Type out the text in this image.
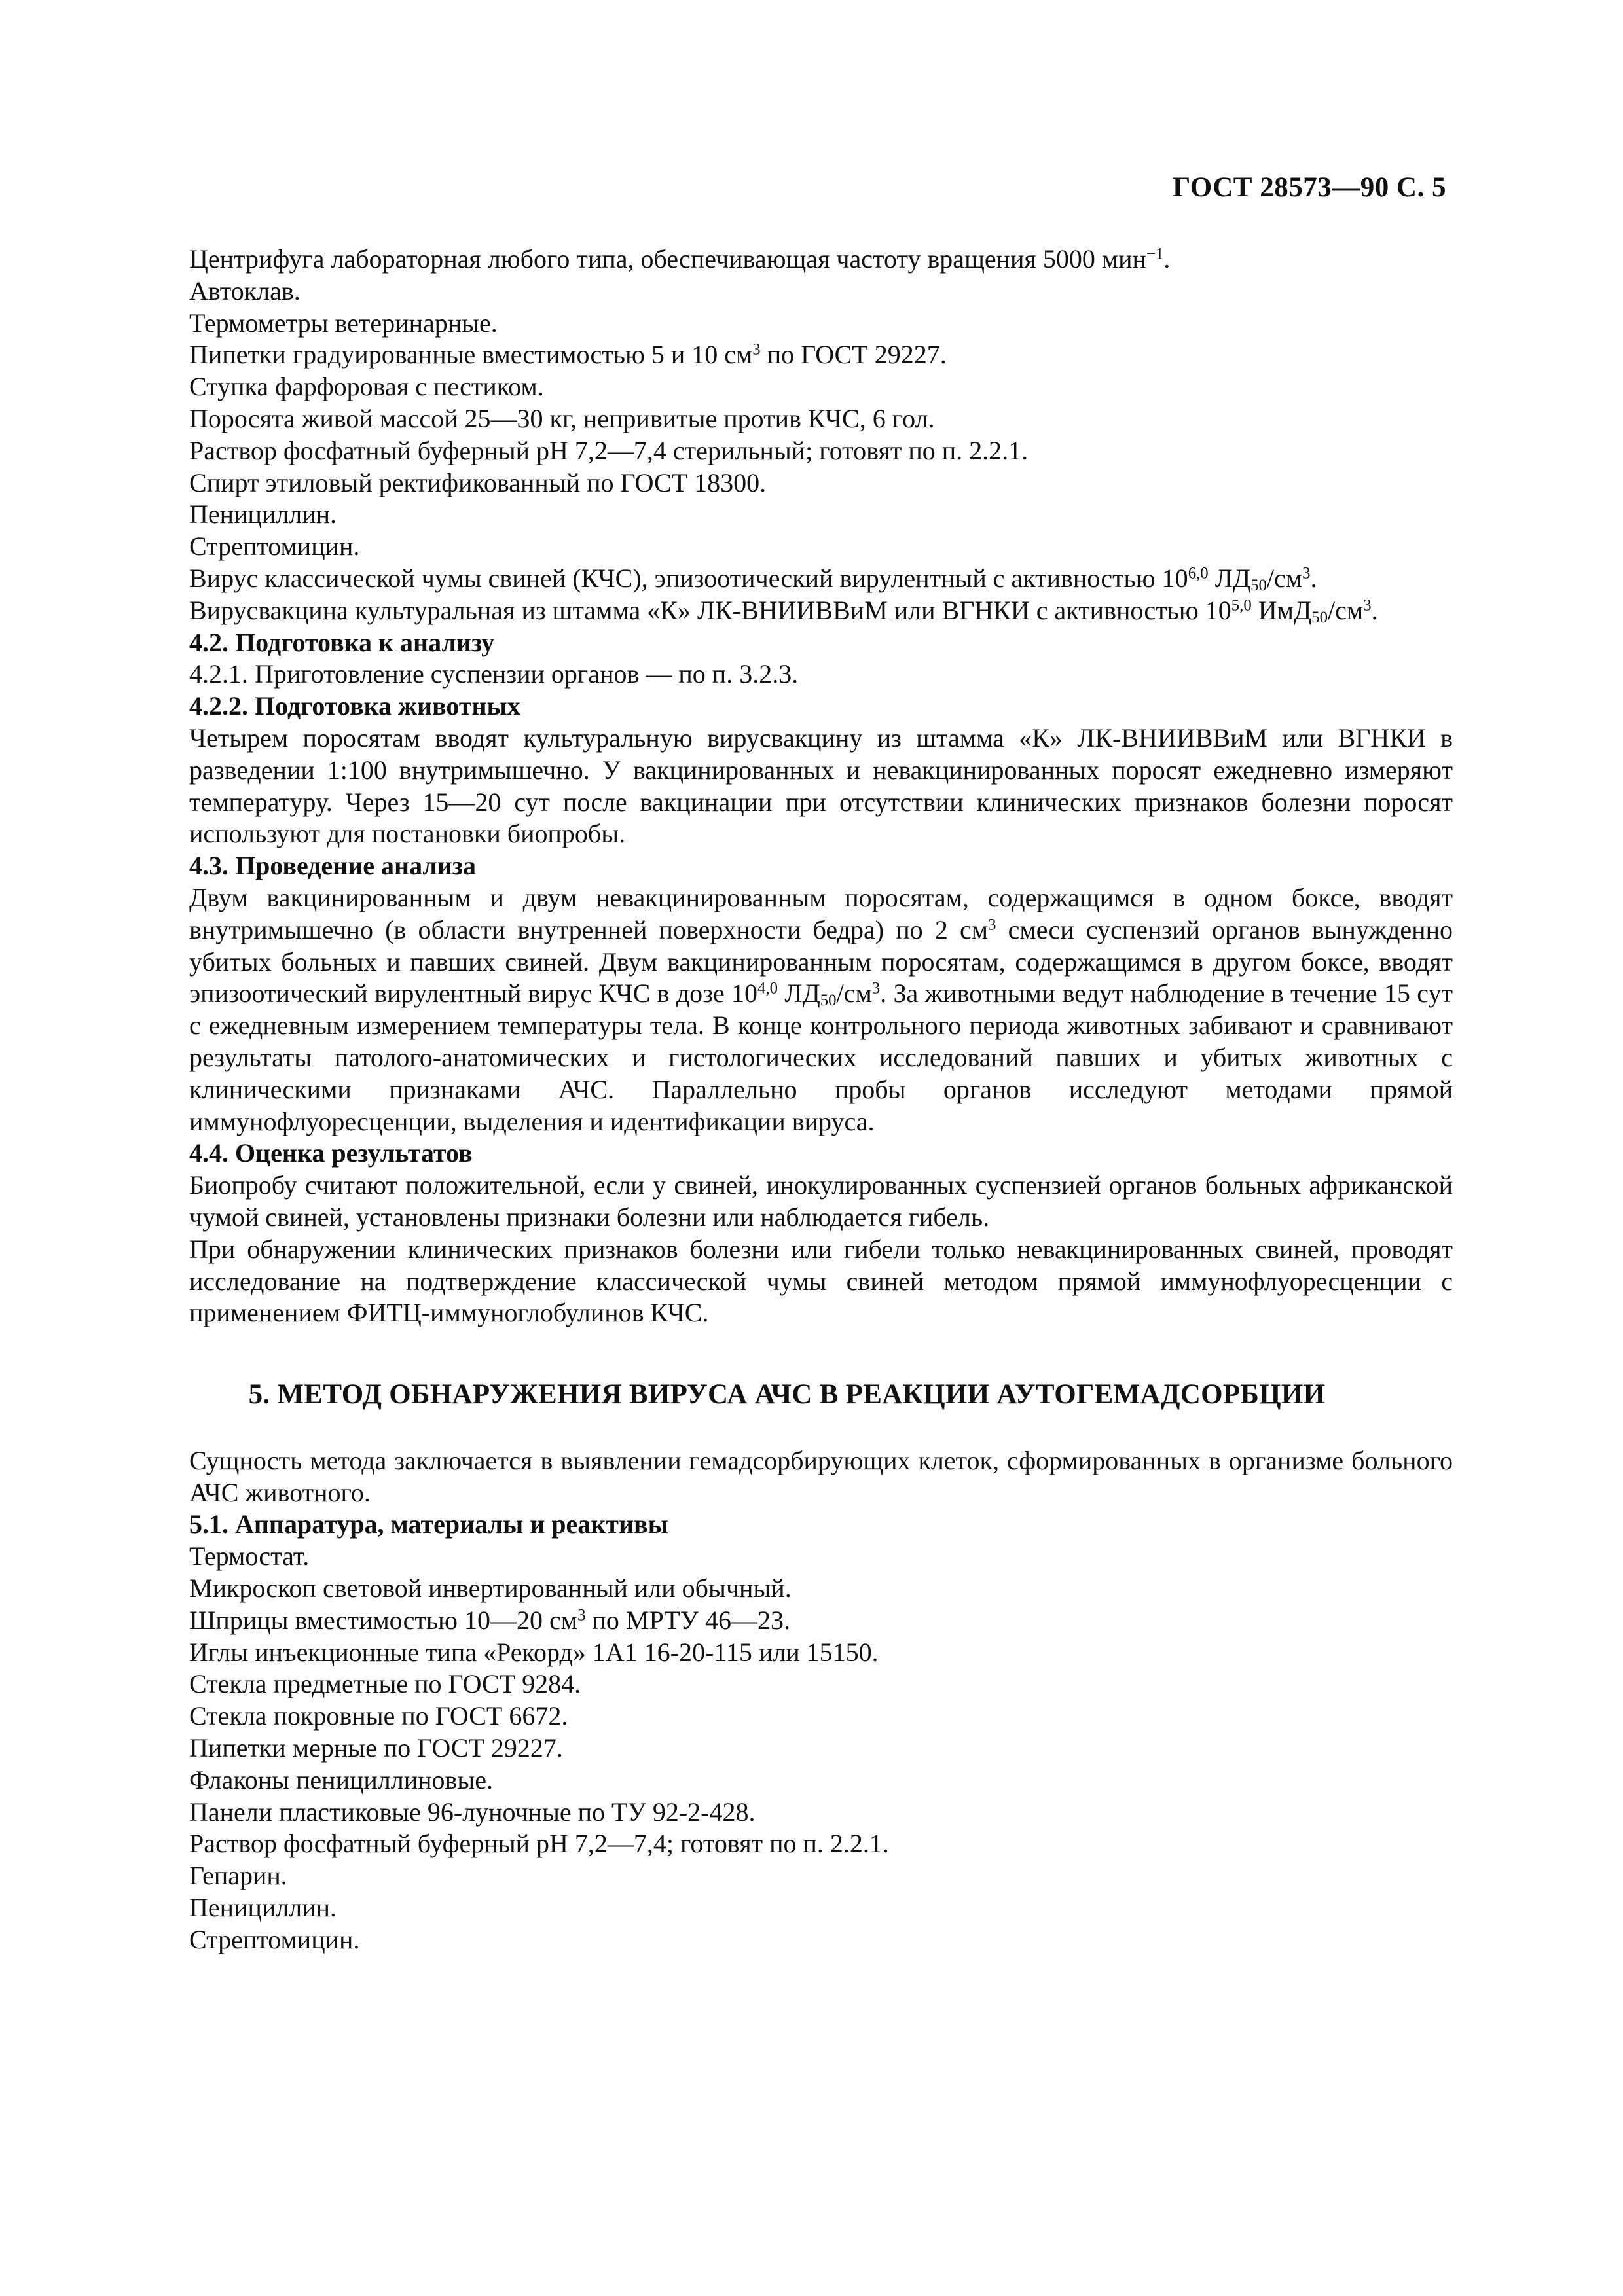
ГОСТ 28573—90 С. 5

Центрифуга лабораторная любого типа, обеспечивающая частоту вращения 5000 мин$^{-1}$.

Автоклав.

Термометры ветеринарные.

Пипетки градуированные вместимостью 5 и 10 $см^3$ по ГОСТ 29227.

Ступка фарфоровая с пестиком.

Поросята живой массой 25—30 кг, непривитые против КЧС, 6 гол.

Раствор фосфатный буферный pH 7,2—7,4 стерильный; готовят по п. 2.2.1.

Спирт этиловый ректификованный по ГОСТ 18300.

Пенициллин.

Стрептомицин.

Вирус классической чумы свиней (КЧС), эпизоотический вирулентный с активностью 10$^{6,0}$ $ЛД_{50}/см^3$.

Вирусвакцина культуральная из штамма «К» ЛК-ВНИИВВиМ или ВГНКИ с активностью 10$^{5,0}$ $ИмД_{50}/см^3$.

4.2. Подготовка к анализу

4.2.1. Приготовление суспензии органов — по п. 3.2.3.

4.2.2. Подготовка животных

Четырем поросятам вводят культуральную вирусвакцину из штамма «К» ЛК-ВНИИВВиМ или ВГНКИ в разведении 1:100 внутримышечно. У вакцинированных и невакцинированных поросят ежедневно измеряют температуру. Через 15—20 сут после вакцинации при отсутствии клинических признаков болезни поросят используют для постановки биопробы.

4.3. Проведение анализа

Двум вакцинированным и двум невакцинированным поросятам, содержащимся в одном боксе, вводят внутримышечно (в области внутренней поверхности бедра) по 2 $см^3$ смеси суспензий органов вынужденно убитых больных и павших свиней. Двум вакцинированным поросятам, содержащимся в другом боксе, вводят эпизоотический вирулентный вирус КЧС в дозе 10$^{4,0}$ $ЛД_{50}/см^3$. За животными ведут наблюдение в течение 15 сут с ежедневным измерением температуры тела. В конце контрольного периода животных забивают и сравнивают результаты патолого-анатомических и гистологических исследований павших и убитых животных с клиническими признаками АЧС. Параллельно пробы органов исследуют методами прямой иммунофлуоресценции, выделения и идентификации вируса.

4.4. Оценка результатов

Биопробу считают положительной, если у свиней, инокулированных суспензией органов больных африканской чумой свиней, установлены признаки болезни или наблюдается гибель.

При обнаружении клинических признаков болезни или гибели только невакцинированных свиней, проводят исследование на подтверждение классической чумы свиней методом прямой иммунофлуоресценции с применением ФИТЦ-иммуноглобулинов КЧС.

5. МЕТОД ОБНАРУЖЕНИЯ ВИРУСА АЧС В РЕАКЦИИ АУТОГЕМАДСОРБЦИИ

Сущность метода заключается в выявлении гемадсорбирующих клеток, сформированных в организме больного АЧС животного.

5.1. Аппаратура, материалы и реактивы

Термостат.

Микроскоп световой инвертированный или обычный.

Шприцы вместимостью 10—20 $см^3$ по МРТУ 46—23.

Иглы инъекционные типа «Рекорд» 1А1 16-20-115 или 15150.

Стекла предметные по ГОСТ 9284.

Стекла покровные по ГОСТ 6672.

Пипетки мерные по ГОСТ 29227.

Флаконы пенициллиновые.

Панели пластиковые 96-луночные по ТУ 92-2-428.

Раствор фосфатный буферный pH 7,2—7,4; готовят по п. 2.2.1.

Гепарин.

Пенициллин.

Стрептомицин.
